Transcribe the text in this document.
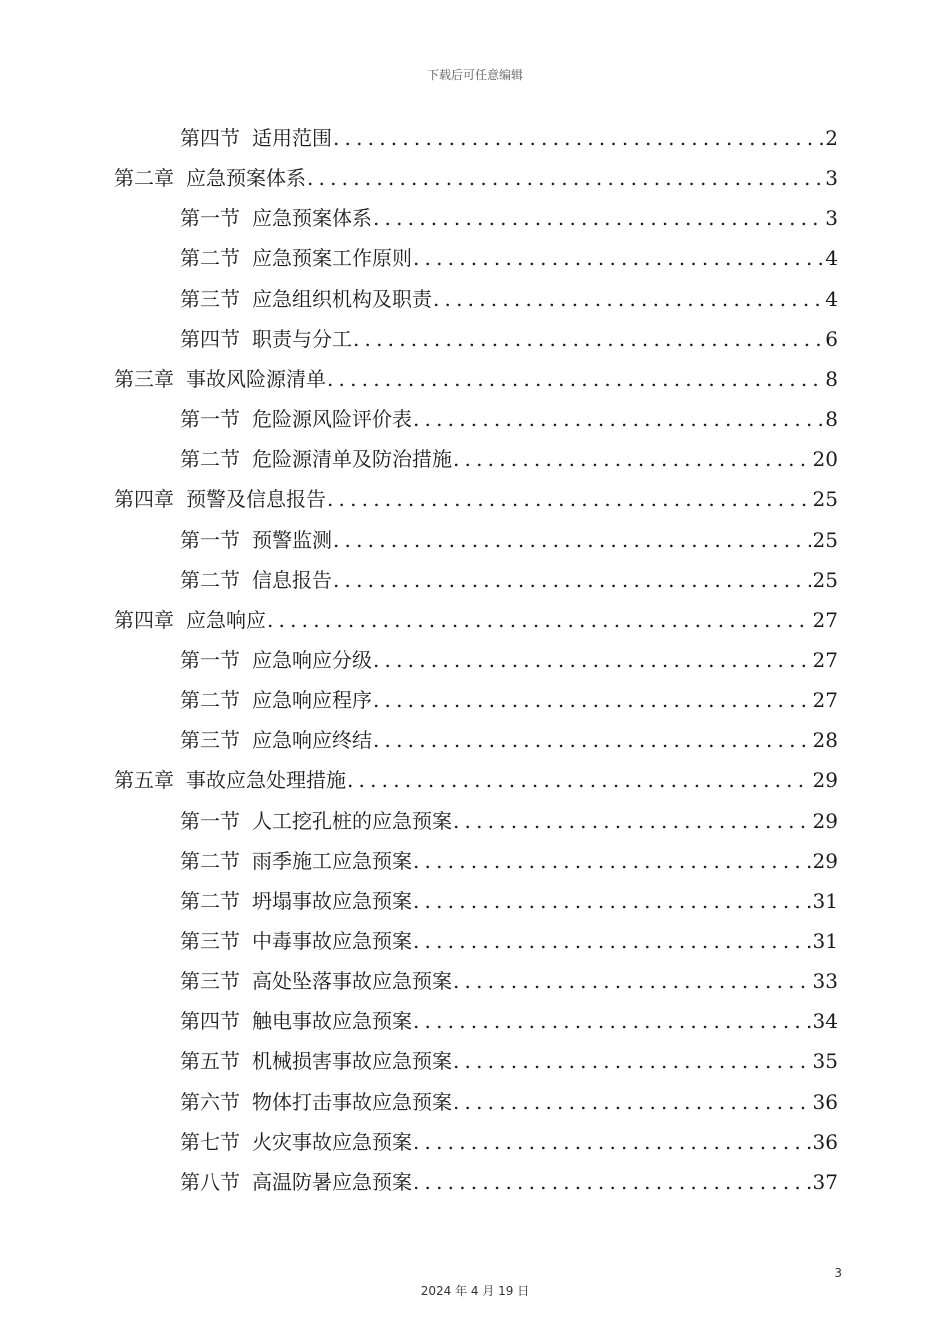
下载后可任意编辑
第四节 适用范围 .....	2
第二章 应急预案体系 .....	3
第一节 应急预案体系 .....	3
第二节 应急预案工作原则 .....	4
第三节 应急组织机构及职责 .....	4
第四节 职责与分工 .....	6
第三章 事故风险源清单 .....	8
第一节 危险源风险评价表 .....	8
第二节 危险源清单及防治措施 .....	20
第四章 预警及信息报告 .....	25
第一节 预警监测 .....	25
第二节 信息报告 .....	25
第四章 应急响应 .....	27
第一节 应急响应分级 .....	27
第二节 应急响应程序 .....	27
第三节 应急响应终结 .....	28
第五章 事故应急处理措施 .....	29
第一节 人工挖孔桩的应急预案 .....	29
第二节 雨季施工应急预案 .....	29
第二节 坍塌事故应急预案 .....	31
第三节 中毒事故应急预案 .....	31
第三节 高处坠落事故应急预案 .....	33
第四节 触电事故应急预案 .....	34
第五节 机械损害事故应急预案 .....	35
第六节 物体打击事故应急预案 .....	36
第七节 火灾事故应急预案 .....	36
第八节 高温防暑应急预案 .....	37
3
2024 年 4 月 19 日
